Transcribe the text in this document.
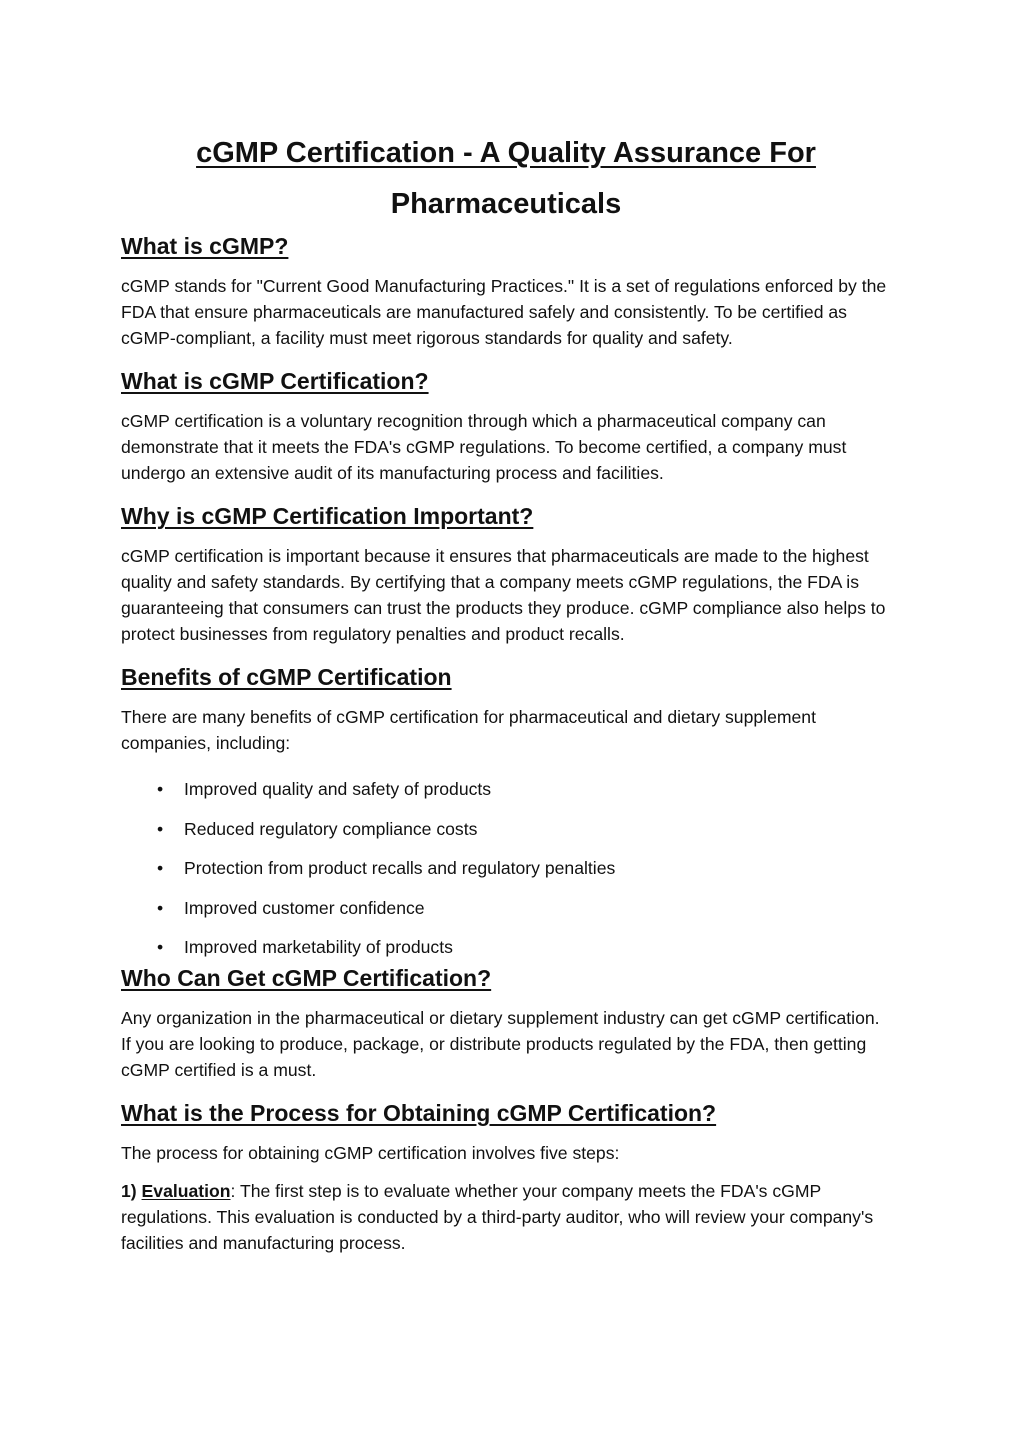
cGMP Certification - A Quality Assurance For
Pharmaceuticals
What is cGMP?

cGMP stands for "Current Good Manufacturing Practices." It is a set of regulations enforced by the FDA that ensure pharmaceuticals are manufactured safely and consistently. To be certified as cGMP-compliant, a facility must meet rigorous standards for quality and safety.

What is cGMP Certification?

cGMP certification is a voluntary recognition through which a pharmaceutical company can demonstrate that it meets the FDA's cGMP regulations. To become certified, a company must undergo an extensive audit of its manufacturing process and facilities.

Why is cGMP Certification Important?

cGMP certification is important because it ensures that pharmaceuticals are made to the highest quality and safety standards. By certifying that a company meets cGMP regulations, the FDA is guaranteeing that consumers can trust the products they produce. cGMP compliance also helps to protect businesses from regulatory penalties and product recalls.

Benefits of cGMP Certification

There are many benefits of cGMP certification for pharmaceutical and dietary supplement companies, including:

• Improved quality and safety of products
• Reduced regulatory compliance costs
• Protection from product recalls and regulatory penalties
• Improved customer confidence
• Improved marketability of products
Who Can Get cGMP Certification?

Any organization in the pharmaceutical or dietary supplement industry can get cGMP certification. If you are looking to produce, package, or distribute products regulated by the FDA, then getting cGMP certified is a must.

What is the Process for Obtaining cGMP Certification?

The process for obtaining cGMP certification involves five steps:

1) Evaluation: The first step is to evaluate whether your company meets the FDA's cGMP regulations. This evaluation is conducted by a third-party auditor, who will review your company's facilities and manufacturing process.
